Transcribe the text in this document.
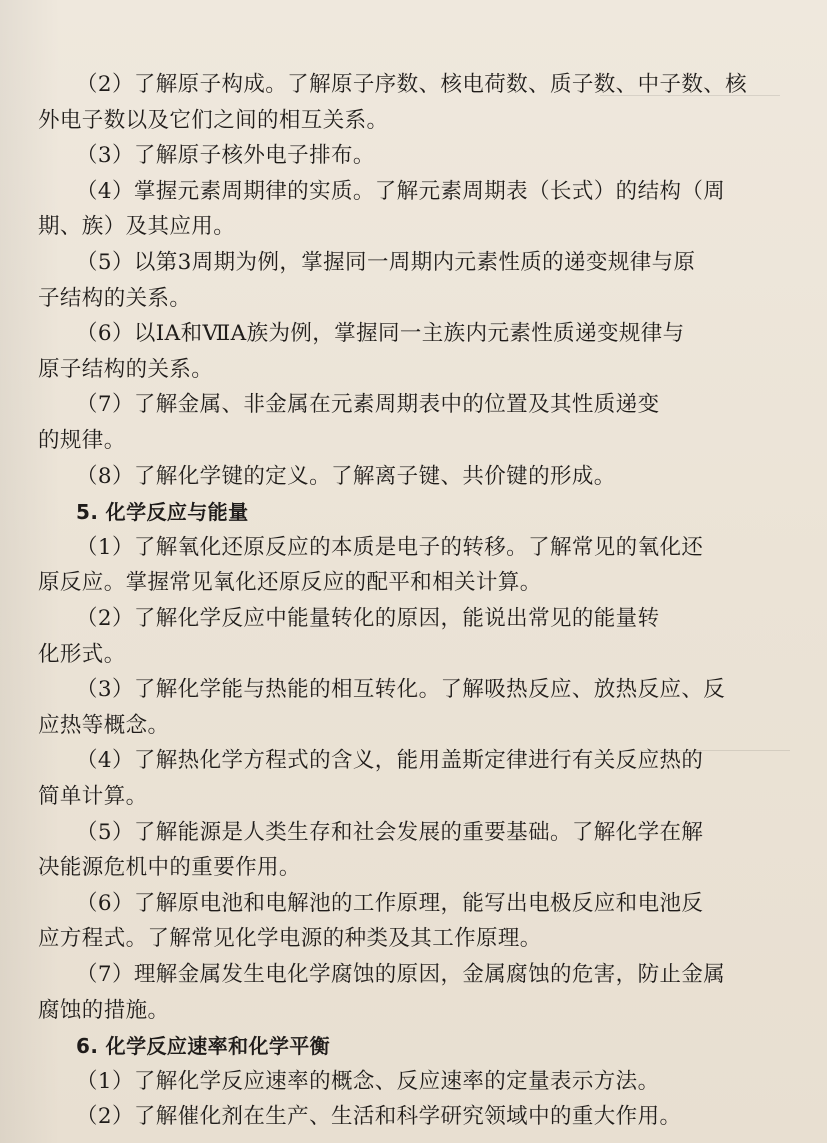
（2）了解原子构成。了解原子序数、核电荷数、质子数、中子数、核
外电子数以及它们之间的相互关系。
（3）了解原子核外电子排布。
（4）掌握元素周期律的实质。了解元素周期表（长式）的结构（周
期、族）及其应用。
（5）以第3周期为例，掌握同一周期内元素性质的递变规律与原
子结构的关系。
（6）以ⅠA和ⅦA族为例，掌握同一主族内元素性质递变规律与
原子结构的关系。
（7）了解金属、非金属在元素周期表中的位置及其性质递变
的规律。
（8）了解化学键的定义。了解离子键、共价键的形成。
5. 化学反应与能量
（1）了解氧化还原反应的本质是电子的转移。了解常见的氧化还
原反应。掌握常见氧化还原反应的配平和相关计算。
（2）了解化学反应中能量转化的原因，能说出常见的能量转
化形式。
（3）了解化学能与热能的相互转化。了解吸热反应、放热反应、反
应热等概念。
（4）了解热化学方程式的含义，能用盖斯定律进行有关反应热的
简单计算。
（5）了解能源是人类生存和社会发展的重要基础。了解化学在解
决能源危机中的重要作用。
（6）了解原电池和电解池的工作原理，能写出电极反应和电池反
应方程式。了解常见化学电源的种类及其工作原理。
（7）理解金属发生电化学腐蚀的原因，金属腐蚀的危害，防止金属
腐蚀的措施。
6. 化学反应速率和化学平衡
（1）了解化学反应速率的概念、反应速率的定量表示方法。
（2）了解催化剂在生产、生活和科学研究领域中的重大作用。
